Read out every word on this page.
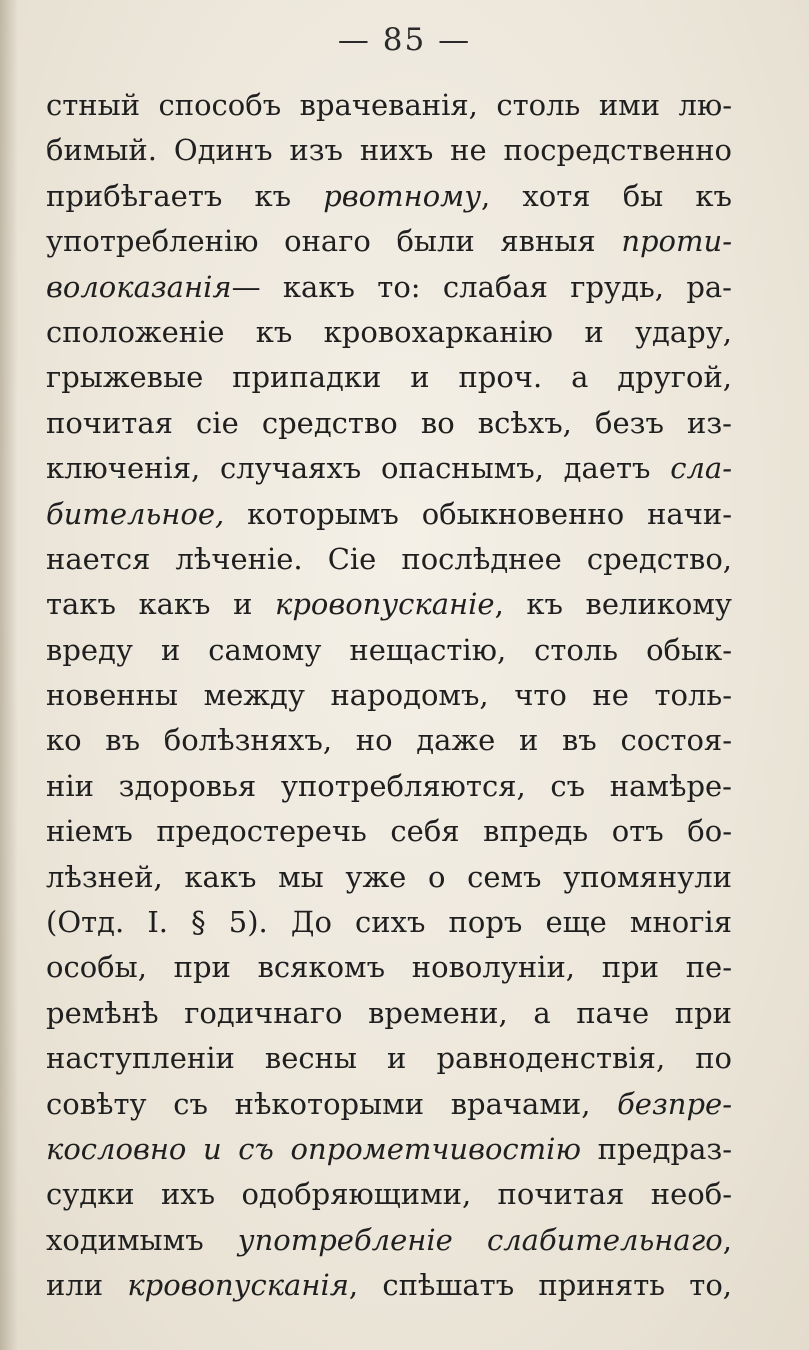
— 85 —
стный способъ врачеванія, столь ими лю-
бимый. Одинъ изъ нихъ не посредственно
прибѣгаетъ къ рвотному, хотя бы къ
употребленію онаго были явныя проти-
волоказанія— какъ то: слабая грудь, ра-
сположеніе къ кровохарканію и удару,
грыжевые припадки и проч. а другой,
почитая сіе средство во всѣхъ, безъ из-
ключенія, случаяхъ опаснымъ, даетъ сла-
бительное, которымъ обыкновенно начи-
нается лѣченіе. Сіе послѣднее средство,
такъ какъ и кровопусканіе, къ великому
вреду и самому нещастію, столь обык-
новенны между народомъ, что не толь-
ко въ болѣзняхъ, но даже и въ состоя-
ніи здоровья употребляются, съ намѣре-
ніемъ предостеречь себя впредь отъ бо-
лѣзней, какъ мы уже о семъ упомянули
(Отд. I. § 5). До сихъ поръ еще многія
особы, при всякомъ новолуніи, при пе-
ремѣнѣ годичнаго времени, а паче при
наступленіи весны и равноденствія, по
совѣту съ нѣкоторыми врачами, безпре-
кословно и съ опрометчивостію предраз-
судки ихъ одобряющими, почитая необ-
ходимымъ употребленіе слабительнаго,
или кровопусканія, спѣшатъ принять то,
